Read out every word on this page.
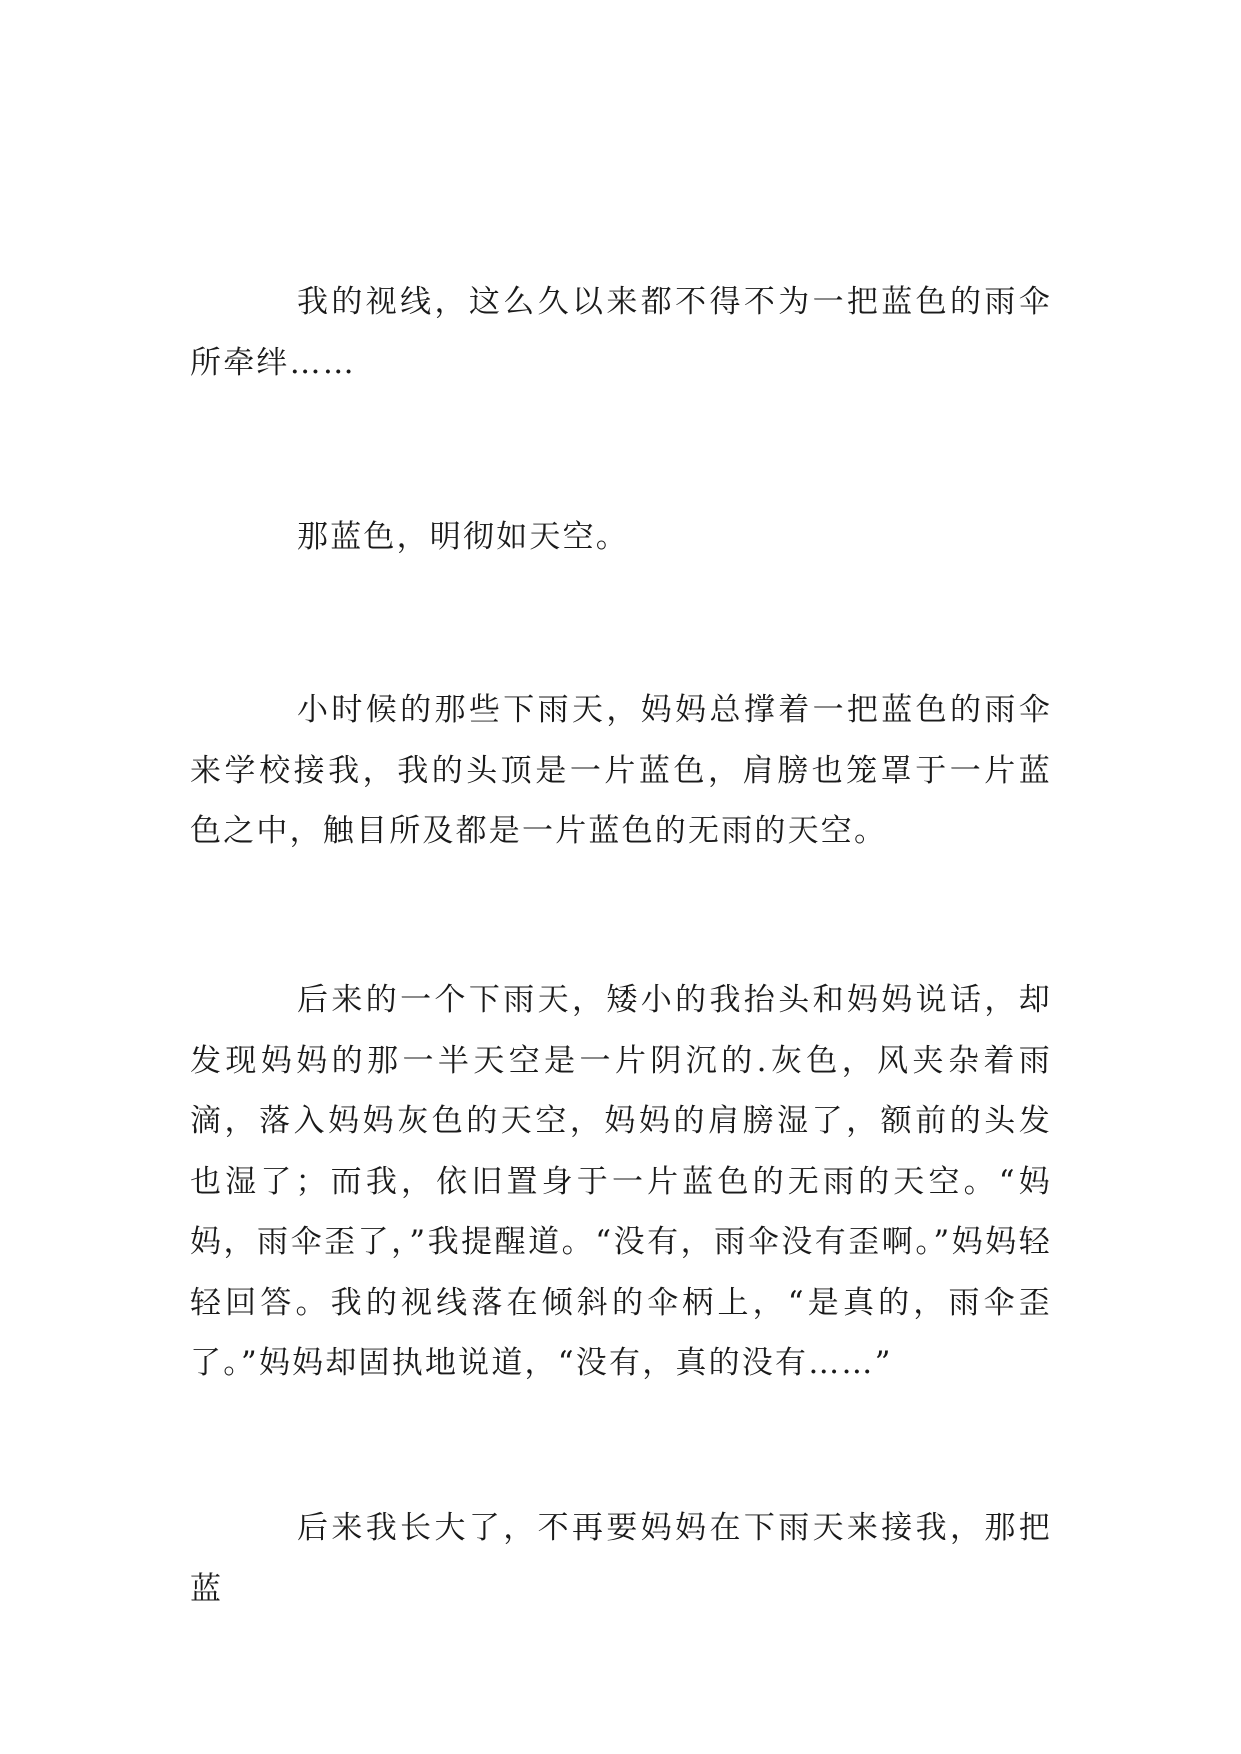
我的视线，这么久以来都不得不为一把蓝色的雨伞所牵绊……

那蓝色，明彻如天空。

小时候的那些下雨天，妈妈总撑着一把蓝色的雨伞来学校接我，我的头顶是一片蓝色，肩膀也笼罩于一片蓝色之中，触目所及都是一片蓝色的无雨的天空。

后来的一个下雨天，矮小的我抬头和妈妈说话，却发现妈妈的那一半天空是一片阴沉的.灰色，风夹杂着雨滴，落入妈妈灰色的天空，妈妈的肩膀湿了，额前的头发也湿了；而我，依旧置身于一片蓝色的无雨的天空。“妈妈，雨伞歪了，”我提醒道。“没有，雨伞没有歪啊。”妈妈轻轻回答。我的视线落在倾斜的伞柄上，“是真的，雨伞歪了。”妈妈却固执地说道，“没有，真的没有……”

后来我长大了，不再要妈妈在下雨天来接我，那把蓝
